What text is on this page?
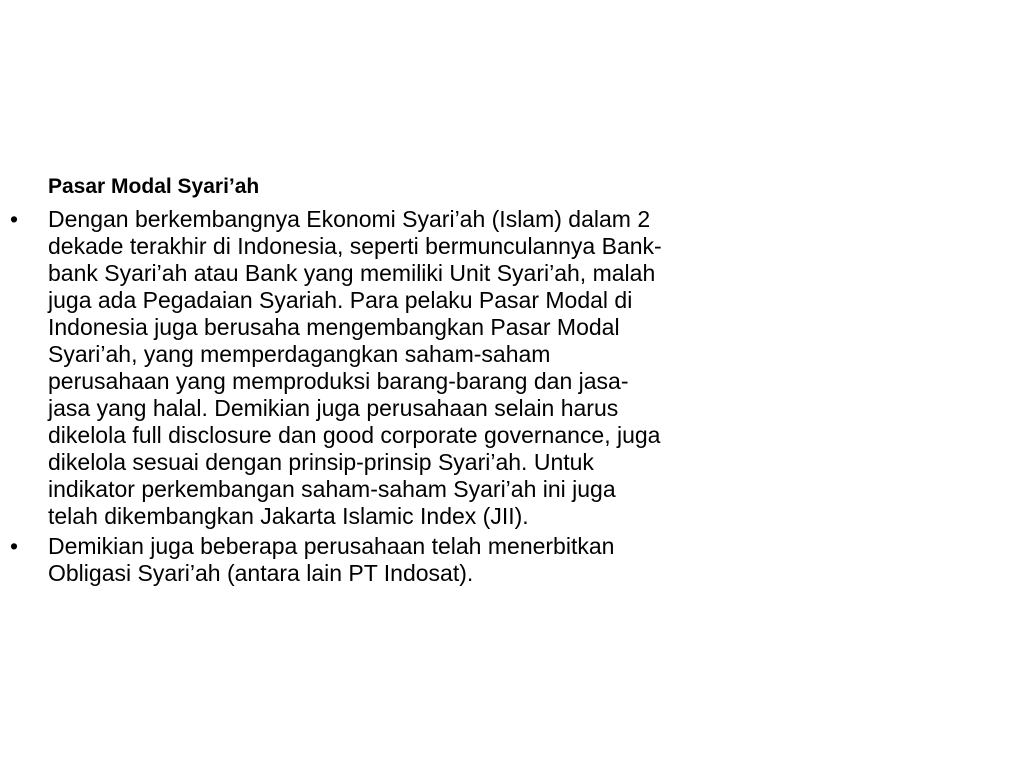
Pasar Modal Syari’ah
•	Dengan berkembangnya Ekonomi Syari’ah (Islam) dalam 2
dekade terakhir di Indonesia, seperti bermunculannya Bank-
bank Syari’ah atau Bank yang memiliki Unit Syari’ah, malah
juga ada Pegadaian Syariah. Para pelaku Pasar Modal di
Indonesia juga berusaha mengembangkan Pasar Modal
Syari’ah, yang memperdagangkan saham-saham
perusahaan yang memproduksi barang-barang dan jasa-
jasa yang halal. Demikian juga perusahaan selain harus
dikelola full disclosure dan good corporate governance, juga
dikelola sesuai dengan prinsip-prinsip Syari’ah. Untuk
indikator perkembangan saham-saham Syari’ah ini juga
telah dikembangkan Jakarta Islamic Index (JII).
•	Demikian juga beberapa perusahaan telah menerbitkan
Obligasi Syari’ah (antara lain PT Indosat).
